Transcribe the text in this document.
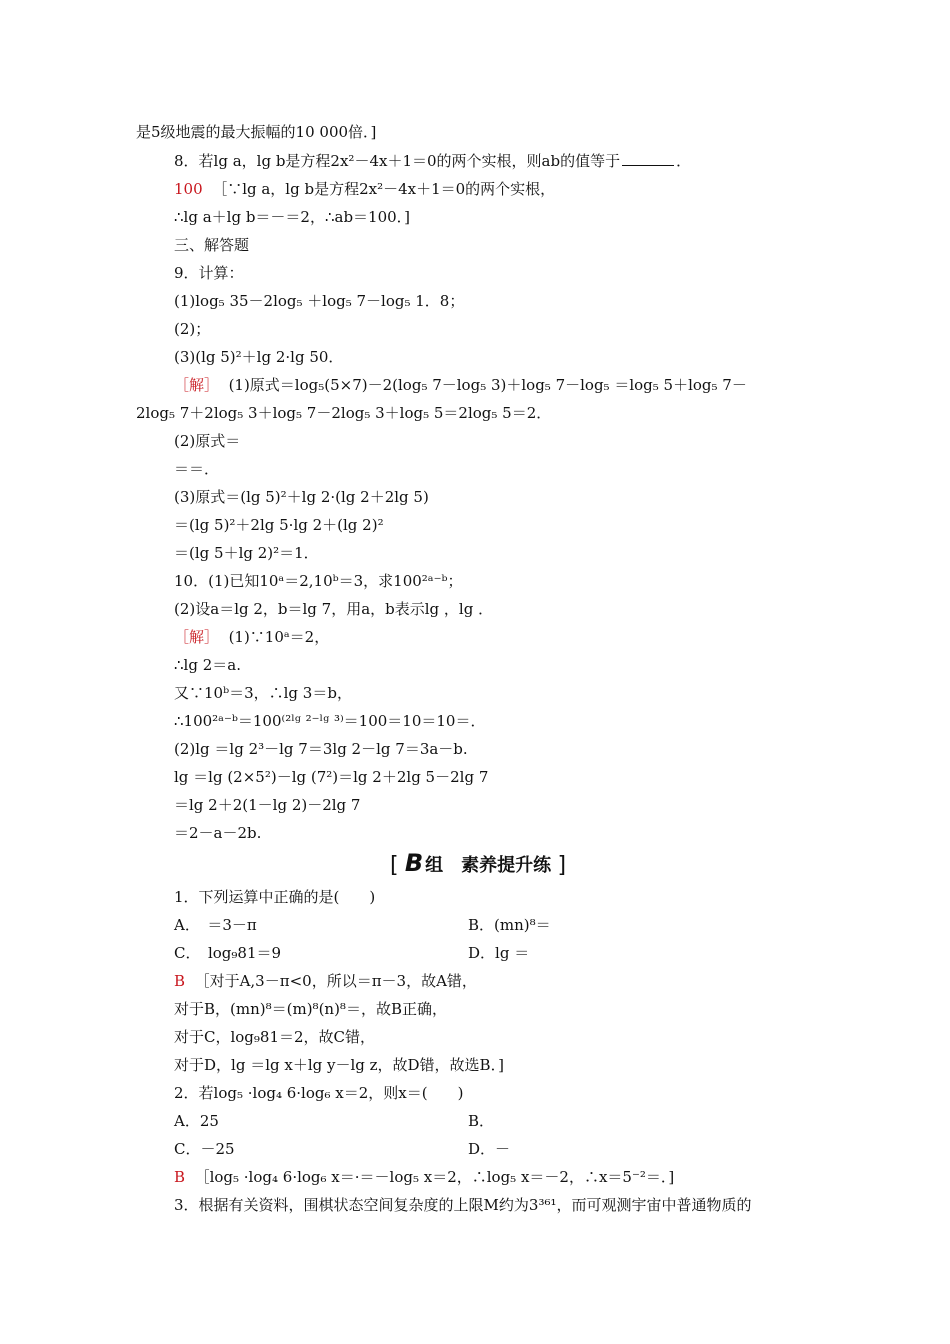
是5级地震的最大振幅的10 000倍．]
8．若lg a，lg b是方程2x²－4x＋1＝0的两个实根，则ab的值等于	．
100 ［∵lg a，lg b是方程2x²－4x＋1＝0的两个实根，
∴lg a＋lg b＝－＝2，∴ab＝100．]
三、解答题
9．计算：
(1)log₅ 35－2log₅ ＋log₅ 7－log₅ 1．8；
(2)；
(3)(lg 5)²＋lg 2·lg 50．
［解］ (1)原式＝log₅(5×7)－2(log₅ 7－log₅ 3)＋log₅ 7－log₅ ＝log₅ 5＋log₅ 7－
2log₅ 7＋2log₅ 3＋log₅ 7－2log₅ 3＋log₅ 5＝2log₅ 5＝2．
(2)原式＝
＝＝．
(3)原式＝(lg 5)²＋lg 2·(lg 2＋2lg 5)
＝(lg 5)²＋2lg 5·lg 2＋(lg 2)²
＝(lg 5＋lg 2)²＝1．
10．(1)已知10ᵃ＝2,10ᵇ＝3，求100²ᵃ⁻ᵇ；
(2)设a＝lg 2，b＝lg 7，用a，b表示lg ，lg ．
［解］ (1)∵10ᵃ＝2，
∴lg 2＝a.
又∵10ᵇ＝3，∴lg 3＝b，
∴100²ᵃ⁻ᵇ＝100⁽²ˡᵍ ²⁻ˡᵍ ³⁾＝100＝10＝10＝．
(2)lg ＝lg 2³－lg 7＝3lg 2－lg 7＝3a－b.
lg ＝lg (2×5²)－lg (7²)＝lg 2＋2lg 5－2lg 7
＝lg 2＋2(1－lg 2)－2lg 7
＝2－a－2b.
[ B 组　素养提升练 ]
1．下列运算中正确的是(　　)
A．　＝3－π	B．(mn)⁸＝
C．　log₉81＝9	D．lg ＝
B ［对于A,3－π<0，所以＝π－3，故A错，
对于B，(mn)⁸＝(m)⁸(n)⁸＝，故B正确，
对于C，log₉81＝2，故C错，
对于D，lg ＝lg x＋lg y－lg z，故D错，故选B．]
2．若log₅ ·log₄ 6·log₆ x＝2，则x＝(　　)
A．25	B．
C．－25	D．－
B ［log₅ ·log₄ 6·log₆ x＝·＝－log₅ x＝2，∴log₅ x＝－2，∴x＝5⁻²＝．]
3．根据有关资料，围棋状态空间复杂度的上限M约为3³⁶¹，而可观测宇宙中普通物质的
